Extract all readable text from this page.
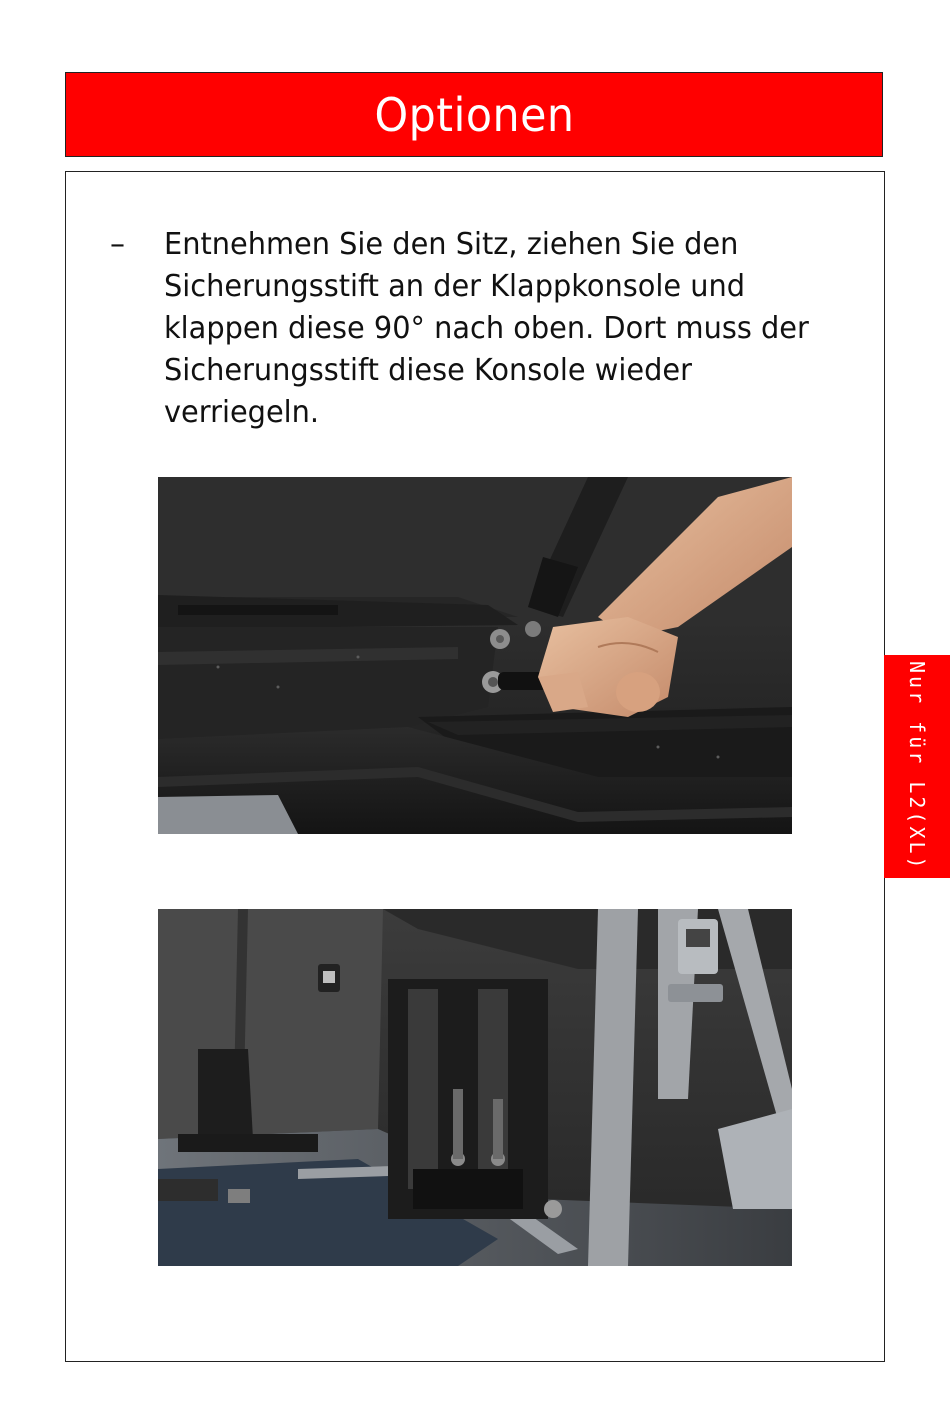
Optionen
–	Entnehmen Sie den Sitz, ziehen Sie den Sicherungsstift an der Klappkonsole und klappen diese 90° nach oben. Dort muss der Sicherungsstift diese Konsole wieder verriegeln.
Nur für L2(XL)
